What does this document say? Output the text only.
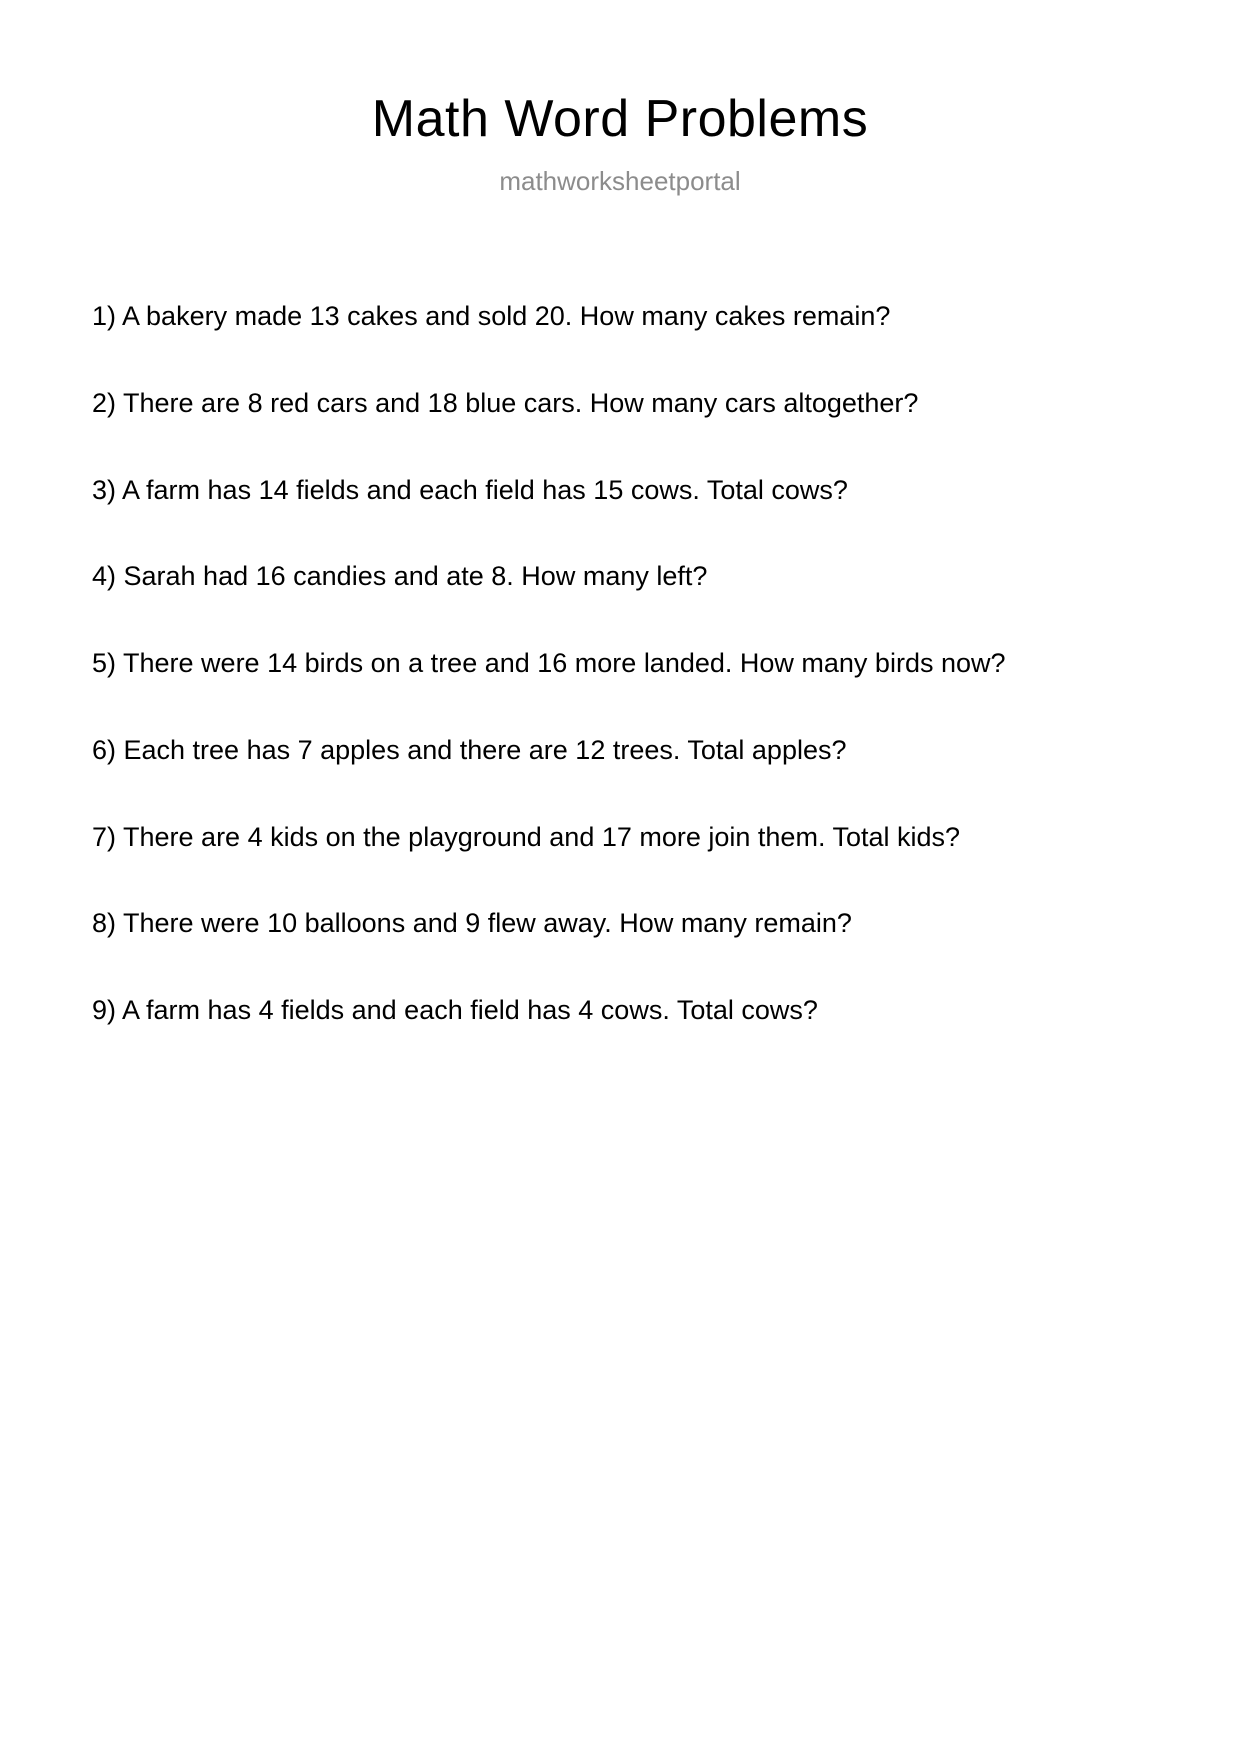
Math Word Problems
mathworksheetportal
1) A bakery made 13 cakes and sold 20. How many cakes remain?
2) There are 8 red cars and 18 blue cars. How many cars altogether?
3) A farm has 14 fields and each field has 15 cows. Total cows?
4) Sarah had 16 candies and ate 8. How many left?
5) There were 14 birds on a tree and 16 more landed. How many birds now?
6) Each tree has 7 apples and there are 12 trees. Total apples?
7) There are 4 kids on the playground and 17 more join them. Total kids?
8) There were 10 balloons and 9 flew away. How many remain?
9) A farm has 4 fields and each field has 4 cows. Total cows?
